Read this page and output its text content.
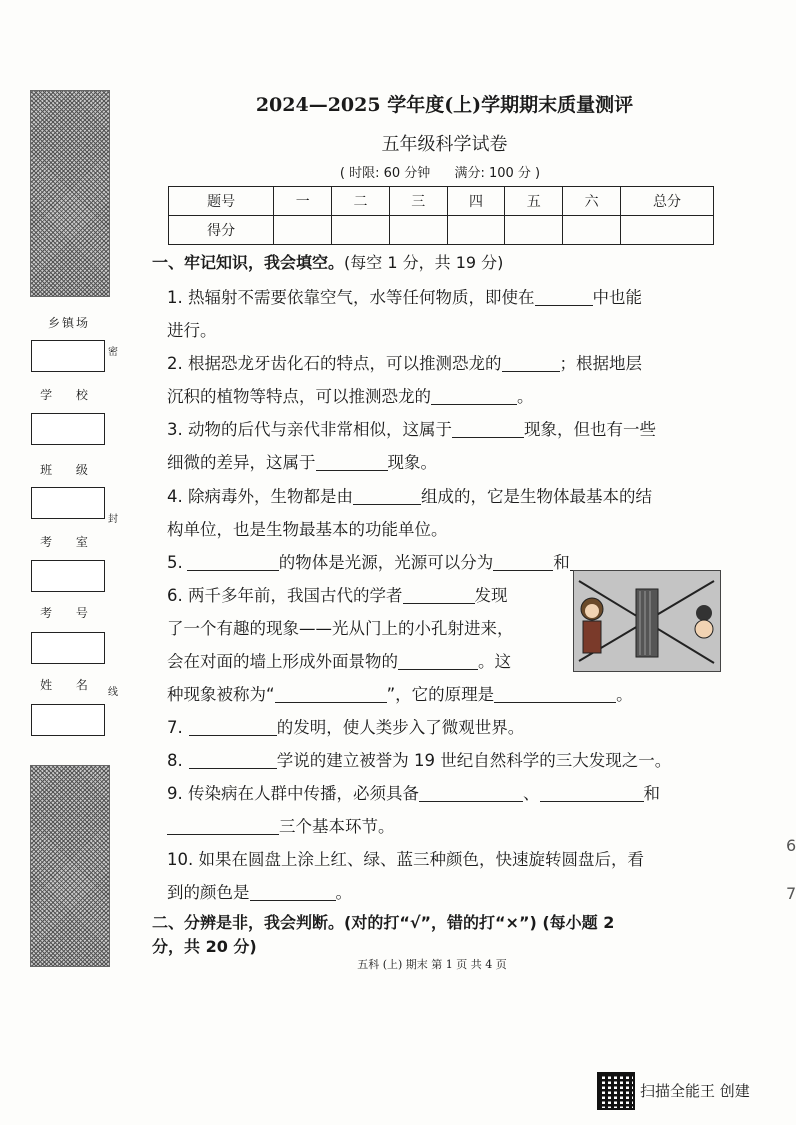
乡镇场
学 校
班 级
考 室
考 号
姓 名
密
封
线
2024—2025 学年度(上)学期期末质量测评
五年级科学试卷
( 时限: 60 分钟 满分: 100 分 )
题号	一	二	三	四	五	六	总分
得分							
一、牢记知识，我会填空。(每空 1 分，共 19 分)
1. 热辐射不需要依靠空气，水等任何物质，即使在	中也能
进行。
2. 根据恐龙牙齿化石的特点，可以推测恐龙的	；根据地层
沉积的植物等特点，可以推测恐龙的	。
3. 动物的后代与亲代非常相似，这属于	现象，但也有一些
细微的差异，这属于	现象。
4. 除病毒外，生物都是由	组成的，它是生物体最基本的结
构单位，也是生物最基本的功能单位。
5.	的物体是光源，光源可以分为	和
6. 两千多年前，我国古代的学者	发现
了一个有趣的现象——光从门上的小孔射进来，
会在对面的墙上形成外面景物的	。这
种现象被称为“	”，它的原理是	。
7.	的发明，使人类步入了微观世界。
8.	学说的建立被誉为 19 世纪自然科学的三大发现之一。
9. 传染病在人群中传播，必须具备	、	和
三个基本环节。
10. 如果在圆盘上涂上红、绿、蓝三种颜色，快速旋转圆盘后，看
到的颜色是	。
二、分辨是非，我会判断。(对的打“√”，错的打“×”) (每小题 2
分，共 20 分)
五科 (上) 期末 第 1 页 共 4 页
扫描全能王 创建
6
7
